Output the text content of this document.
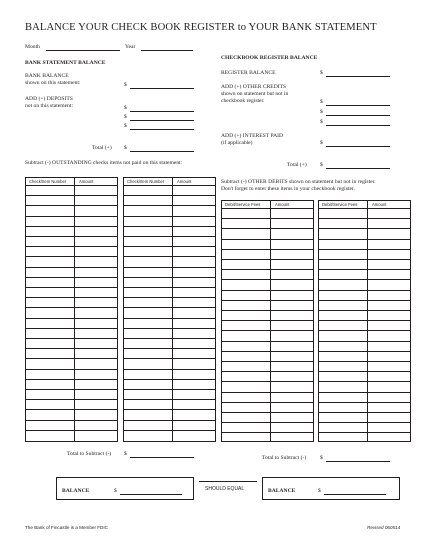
BALANCE YOUR CHECK BOOK REGISTER to YOUR BANK STATEMENT
Month	Year
BANK STATEMENT BALANCE
BANK BALANCE
shown on this statement:	$
ADD (+) DEPOSITS
not on this statement:	$
$
$
Total (+) $
Subtract (-) OUTSTANDING checks items not paid on this statement:
CHECKBOOK REGISTER BALANCE
REGISTER BALANCE	$
ADD (+) OTHER CREDITS
shown on statement but not in
checkbook register.	$
$
$
ADD (+) INTEREST PAID
(if applicable)	$
Total (+) $
Subtract (-) OTHER DEBITS shown on statement but not in register.
Don't forget to enter these items in your checkbook register.
Check/Item Number	Amount	Check/Item Number	Amount
Debit/Service Fees	Amount	Debit/Service Fees	Amount
Total to Subtract (-) $
Total to Subtract (-) $
BALANCE	$	SHOULD EQUAL	BALANCE	$
The Bank of Fincastle is a Member FDIC	Revised 060514
